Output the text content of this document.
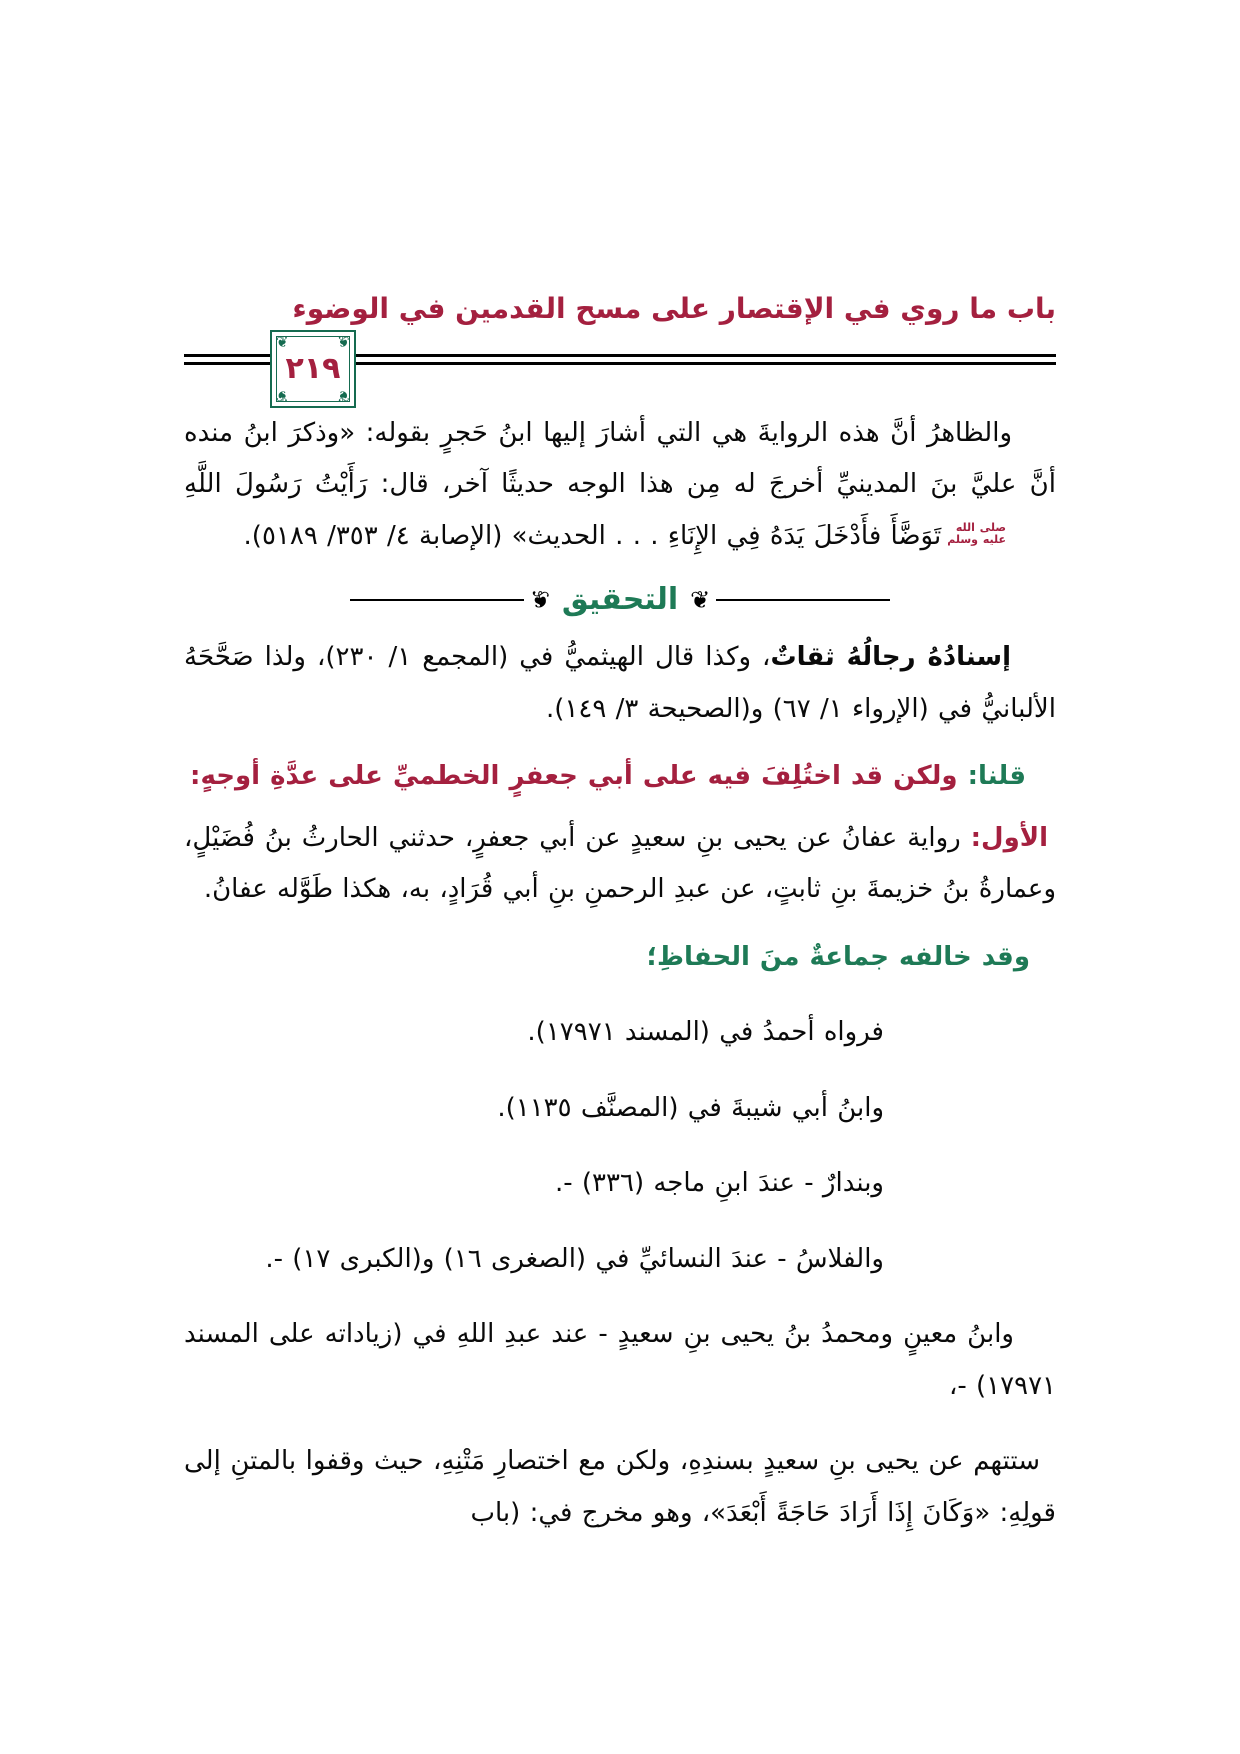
باب ما روي في الإقتصار على مسح القدمين في الوضوء
❦	❦
❦	❦
٢١٩

والظاهرُ أنَّ هذه الروايةَ هي التي أشارَ إليها ابنُ حَجرٍ بقوله: «وذكرَ ابنُ منده أنَّ عليَّ بنَ المدينيِّ أخرجَ له مِن هذا الوجه حديثًا آخر، قال: رَأَيْتُ رَسُولَ اللَّهِ
صلى الله
عليه وسلم
تَوَضَّأَ فأَدْخَلَ يَدَهُ فِي الإِنَاءِ . . . الحديث» (الإصابة ٤/ ٣٥٣/ ٥١٨٩).

❦
التحقيق
❦

إسنادُهُ رجالُهُ ثقاتٌ، وكذا قال الهيثميُّ في (المجمع ١/ ٢٣٠)، ولذا صَحَّحَهُ الألبانيُّ في (الإرواء ١/ ٦٧) و(الصحيحة ٣/ ١٤٩).

قلنا: ولكن قد اختُلِفَ فيه على أبي جعفرٍ الخطميِّ على عدَّةِ أوجهٍ:

الأول: رواية عفانُ عن يحيى بنِ سعيدٍ عن أبي جعفرٍ، حدثني الحارثُ بنُ فُضَيْلٍ، وعمارةُ بنُ خزيمةَ بنِ ثابتٍ، عن عبدِ الرحمنِ بنِ أبي قُرَادٍ، به، هكذا طَوَّله عفانُ.

وقد خالفه جماعةٌ منَ الحفاظِ؛

فرواه أحمدُ في (المسند ١٧٩٧١).

وابنُ أبي شيبةَ في (المصنَّف ١١٣٥).

وبندارٌ - عندَ ابنِ ماجه (٣٣٦) -.

والفلاسُ - عندَ النسائيِّ في (الصغرى ١٦) و(الكبرى ١٧) -.

وابنُ معينٍ ومحمدُ بنُ يحيى بنِ سعيدٍ - عند عبدِ اللهِ في (زياداته على المسند ١٧٩٧١) -،

ستتهم عن يحيى بنِ سعيدٍ بسندِهِ، ولكن مع اختصارِ مَتْنِهِ، حيث وقفوا بالمتنِ إلى قولِهِ: «وَكَانَ إِذَا أَرَادَ حَاجَةً أَبْعَدَ»، وهو مخرج في: (باب
